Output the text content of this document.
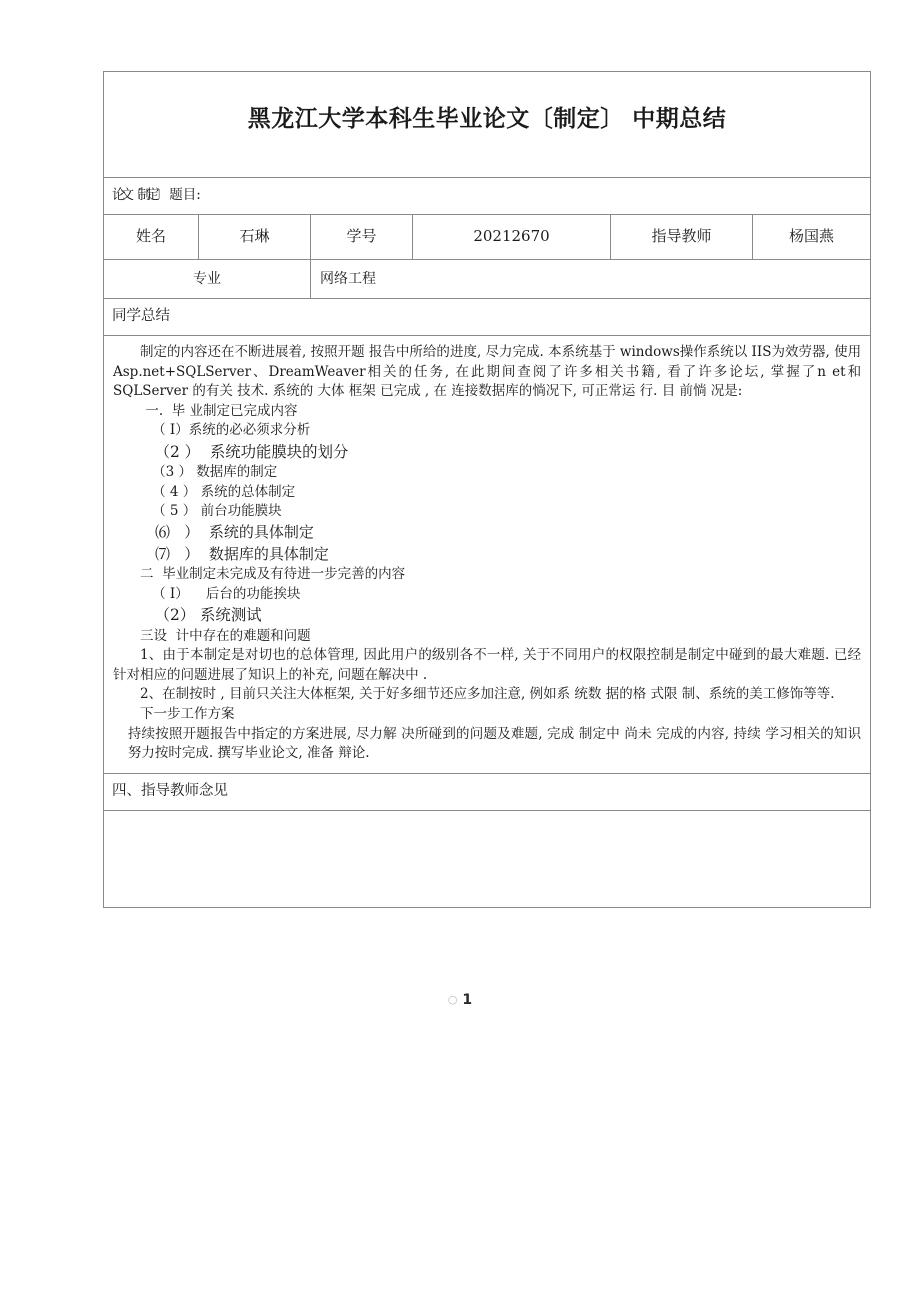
黑龙江大学本科生毕业论文〔制定〕 中期总结					
论文〔制定〕 题目:					
姓名	石琳	学号	20212670	指导教师	杨国燕
专业		网络工程			
同学总结					

制定的内容还在不断进展着, 按照开题 报告中所给的进度, 尽力完成. 本系统基于 windows操作系统以 IIS为效劳器, 使用 Asp.net+SQLServer、DreamWeaver相关的任务, 在此期间查阅了许多相关书籍, 看了许多论坛, 掌握了n et和SQLServer 的有关 技术. 系统的 大体 框架 已完成 , 在 连接数据库的惝况下, 可正常运 行. 目 前惝 况是:

一.  毕 业制定已完成内容

（ I）系统的必必须求分析

（2 ）  系统功能膜块的划分

（3 ） 数据库的制定

（ 4 ） 系统的总体制定

（ 5 ） 前台功能膜块

⑹   ）  系统的具体制定

⑺   ）  数据库的具体制定

二  毕业制定未完成及有待进一步完善的内容

（ I）    后台的功能挨块

（2） 系统测试

三设  计中存在的难题和问题

1、由于本制定是对切也的总体管理, 因此用户的级别各不一样, 关于不同用户的权限控制是制定中碰到的最大难题. 已经针对相应的问题进展了知识上的补充, 问题在解决中 .

2、在制按时 , 目前只关注大体框架, 关于好多细节还应多加注意, 例如系 统数 据的格 式限 制、系统的美工修饰等等.

下一步工作方案

持续按照开题报告中指定的方案进展, 尽力解 决所碰到的问题及难题, 完成 制定中 尚未 完成的内容, 持续 学习相关的知识努力按时完成. 撰写毕业论文, 准备 辩论.

四、指导教师念见					

○ 1
